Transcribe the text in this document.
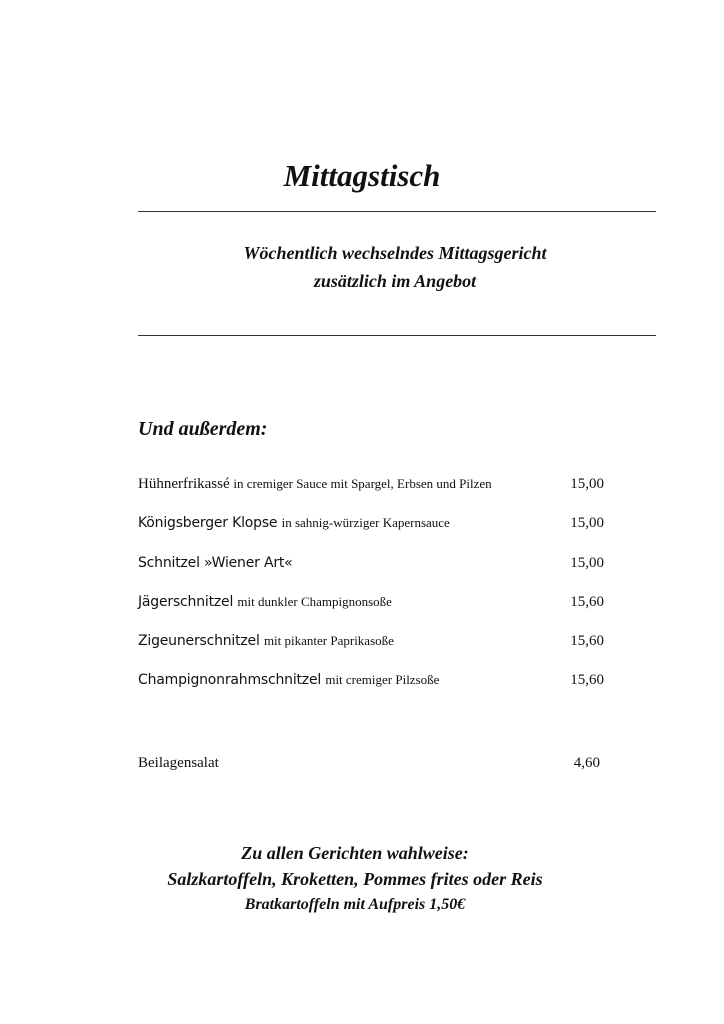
Mittagstisch
Wöchentlich wechselndes Mittagsgericht
zusätzlich im Angebot
Und außerdem:
Hühnerfrikassé in cremiger Sauce mit Spargel, Erbsen und Pilzen	15,00
Königsberger Klopse in sahnig-würziger Kapernsauce	15,00
Schnitzel »Wiener Art«	15,00
Jägerschnitzel mit dunkler Champignonsoße	15,60
Zigeunerschnitzel mit pikanter Paprikasoße	15,60
Champignonrahmschnitzel mit cremiger Pilzsoße	15,60
Beilagensalat	4,60
Zu allen Gerichten wahlweise:
Salzkartoffeln, Kroketten, Pommes frites oder Reis
Bratkartoffeln mit Aufpreis 1,50€
